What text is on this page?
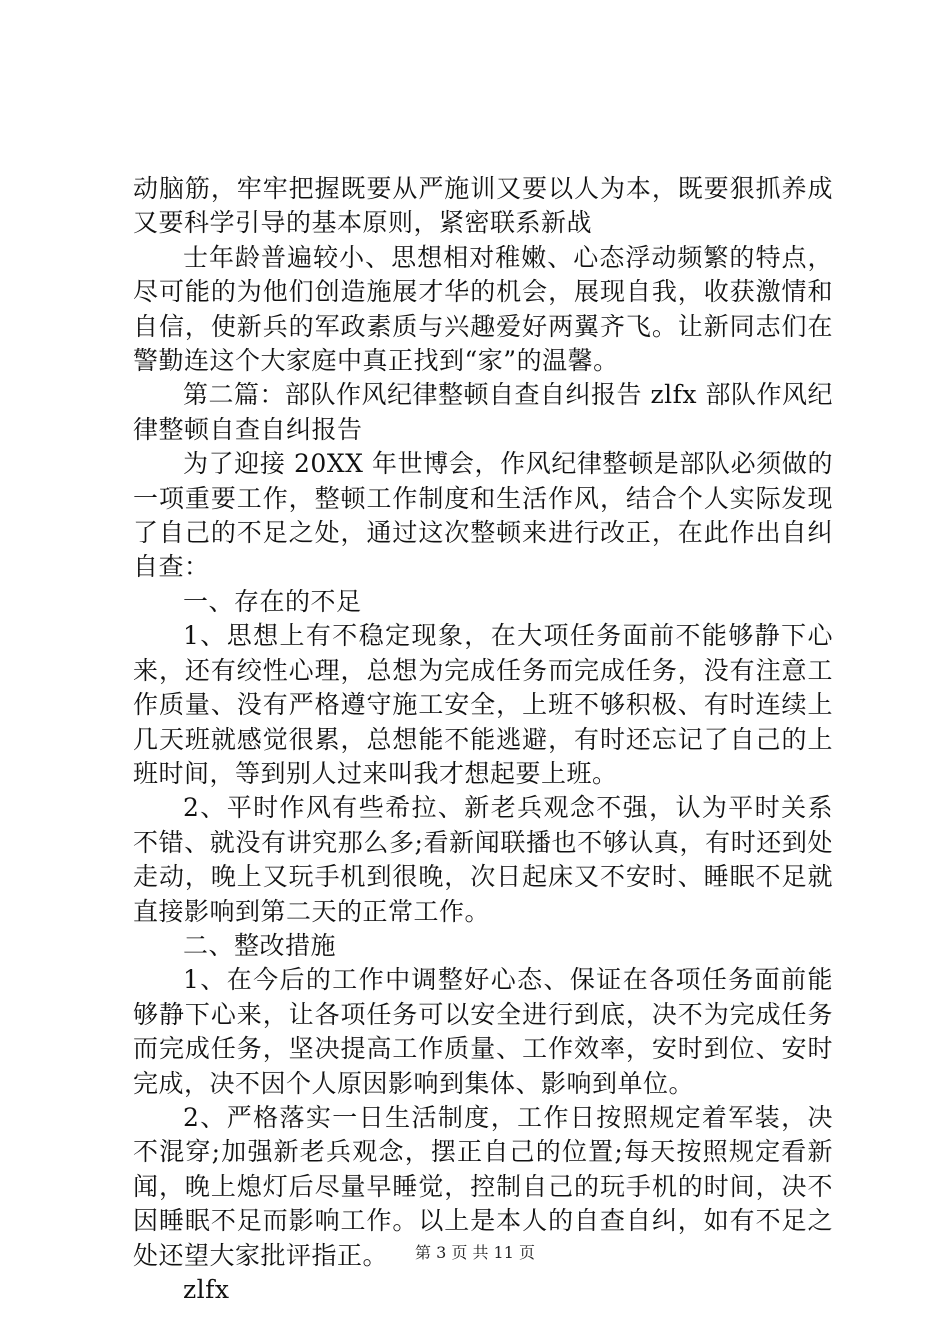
动脑筋，牢牢把握既要从严施训又要以人为本，既要狠抓养成又要科学引导的基本原则，紧密联系新战

士年龄普遍较小、思想相对稚嫩、心态浮动频繁的特点，尽可能的为他们创造施展才华的机会，展现自我，收获激情和自信，使新兵的军政素质与兴趣爱好两翼齐飞。让新同志们在警勤连这个大家庭中真正找到“家”的温馨。

第二篇：部队作风纪律整顿自查自纠报告 zlfx 部队作风纪律整顿自查自纠报告

为了迎接 20XX 年世博会，作风纪律整顿是部队必须做的一项重要工作，整顿工作制度和生活作风，结合个人实际发现了自己的不足之处，通过这次整顿来进行改正，在此作出自纠自查：

一、存在的不足

1、思想上有不稳定现象，在大项任务面前不能够静下心来，还有绞性心理，总想为完成任务而完成任务，没有注意工作质量、没有严格遵守施工安全，上班不够积极、有时连续上几天班就感觉很累，总想能不能逃避，有时还忘记了自己的上班时间，等到别人过来叫我才想起要上班。

2、平时作风有些希拉、新老兵观念不强，认为平时关系不错、就没有讲究那么多;看新闻联播也不够认真，有时还到处走动，晚上又玩手机到很晚，次日起床又不安时、睡眠不足就直接影响到第二天的正常工作。

二、整改措施

1、在今后的工作中调整好心态、保证在各项任务面前能够静下心来，让各项任务可以安全进行到底，决不为完成任务而完成任务，坚决提高工作质量、工作效率，安时到位、安时完成，决不因个人原因影响到集体、影响到单位。

2、严格落实一日生活制度，工作日按照规定着军装，决不混穿;加强新老兵观念，摆正自己的位置;每天按照规定看新闻，晚上熄灯后尽量早睡觉，控制自己的玩手机的时间，决不因睡眠不足而影响工作。以上是本人的自查自纠，如有不足之处还望大家批评指正。

zlfx

第 3 页 共 11 页
